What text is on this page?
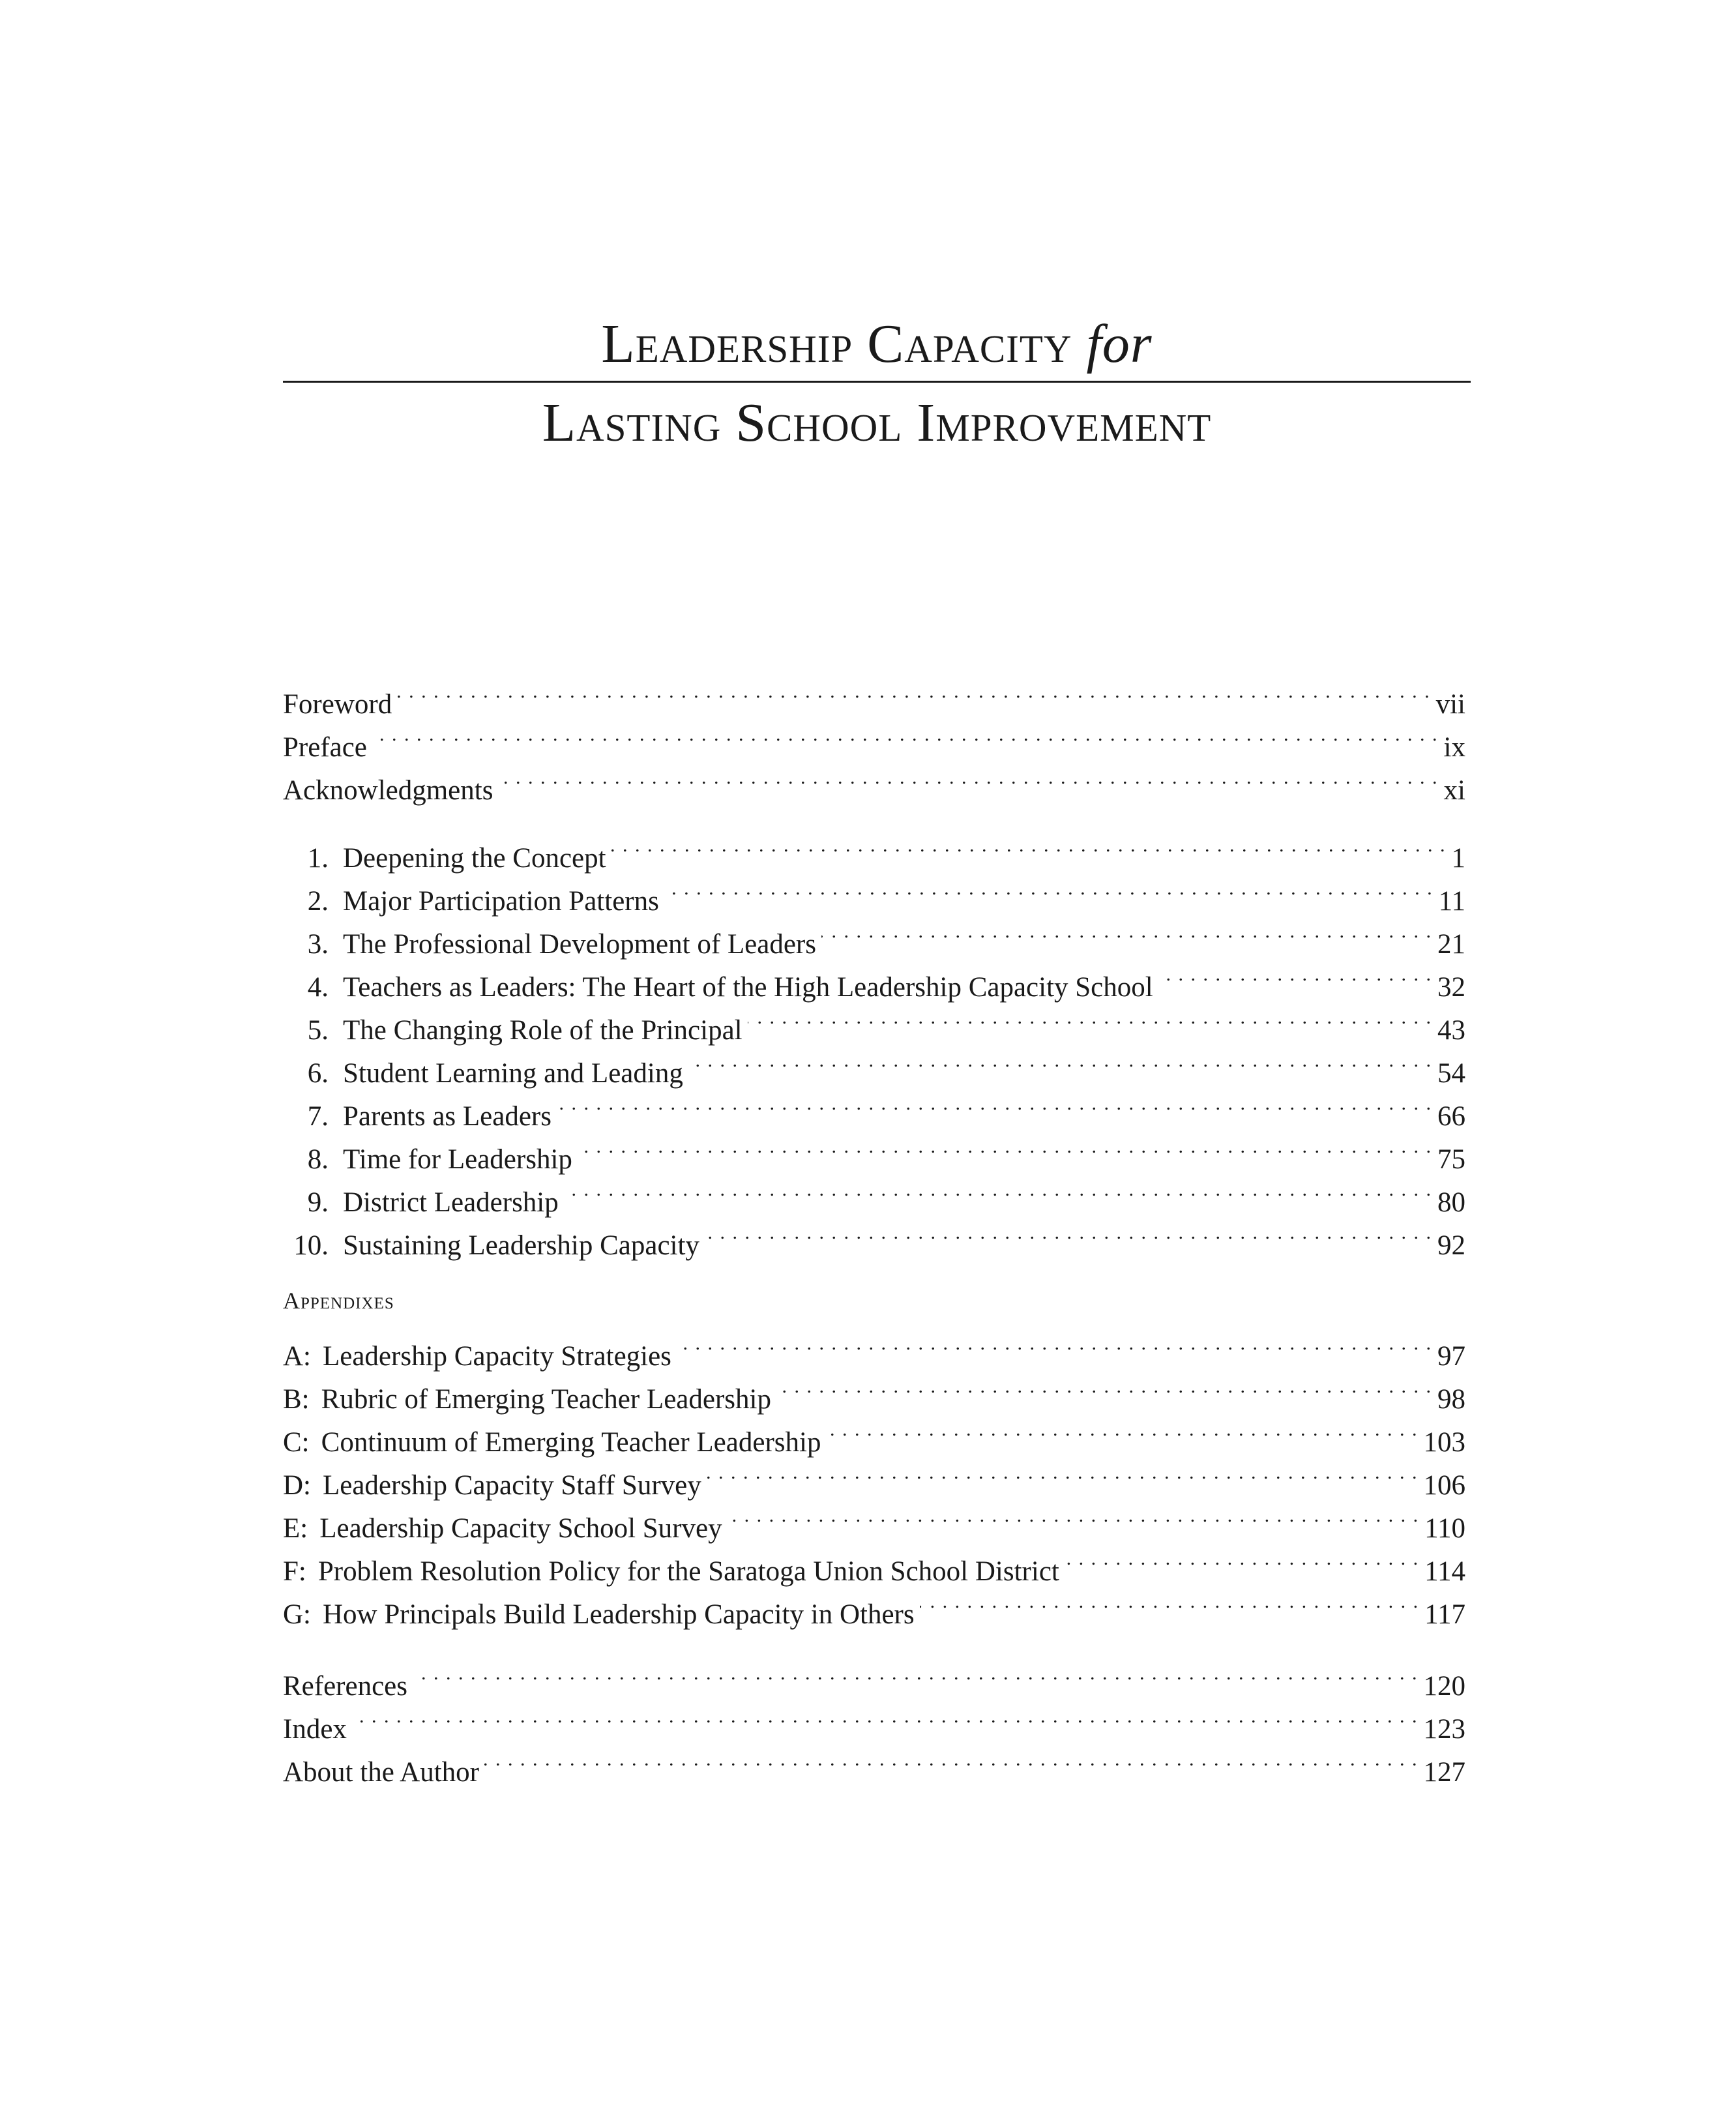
Leadership Capacity for
Lasting School Improvement
Foreword . . .	vii
Preface . . .	ix
Acknowledgments . . .	xi
1. Deepening the Concept . . .	1
2. Major Participation Patterns . . .	11
3. The Professional Development of Leaders . . .	21
4. Teachers as Leaders: The Heart of the High Leadership Capacity School . . .	32
5. The Changing Role of the Principal . . .	43
6. Student Learning and Leading . . .	54
7. Parents as Leaders . . .	66
8. Time for Leadership . . .	75
9. District Leadership . . .	80
10. Sustaining Leadership Capacity . . .	92
Appendixes
A: Leadership Capacity Strategies . . .	97
B: Rubric of Emerging Teacher Leadership . . .	98
C: Continuum of Emerging Teacher Leadership . . .	103
D: Leadership Capacity Staff Survey . . .	106
E: Leadership Capacity School Survey . . .	110
F: Problem Resolution Policy for the Saratoga Union School District . . .	114
G: How Principals Build Leadership Capacity in Others . . .	117
References . . .	120
Index . . .	123
About the Author . . .	127
